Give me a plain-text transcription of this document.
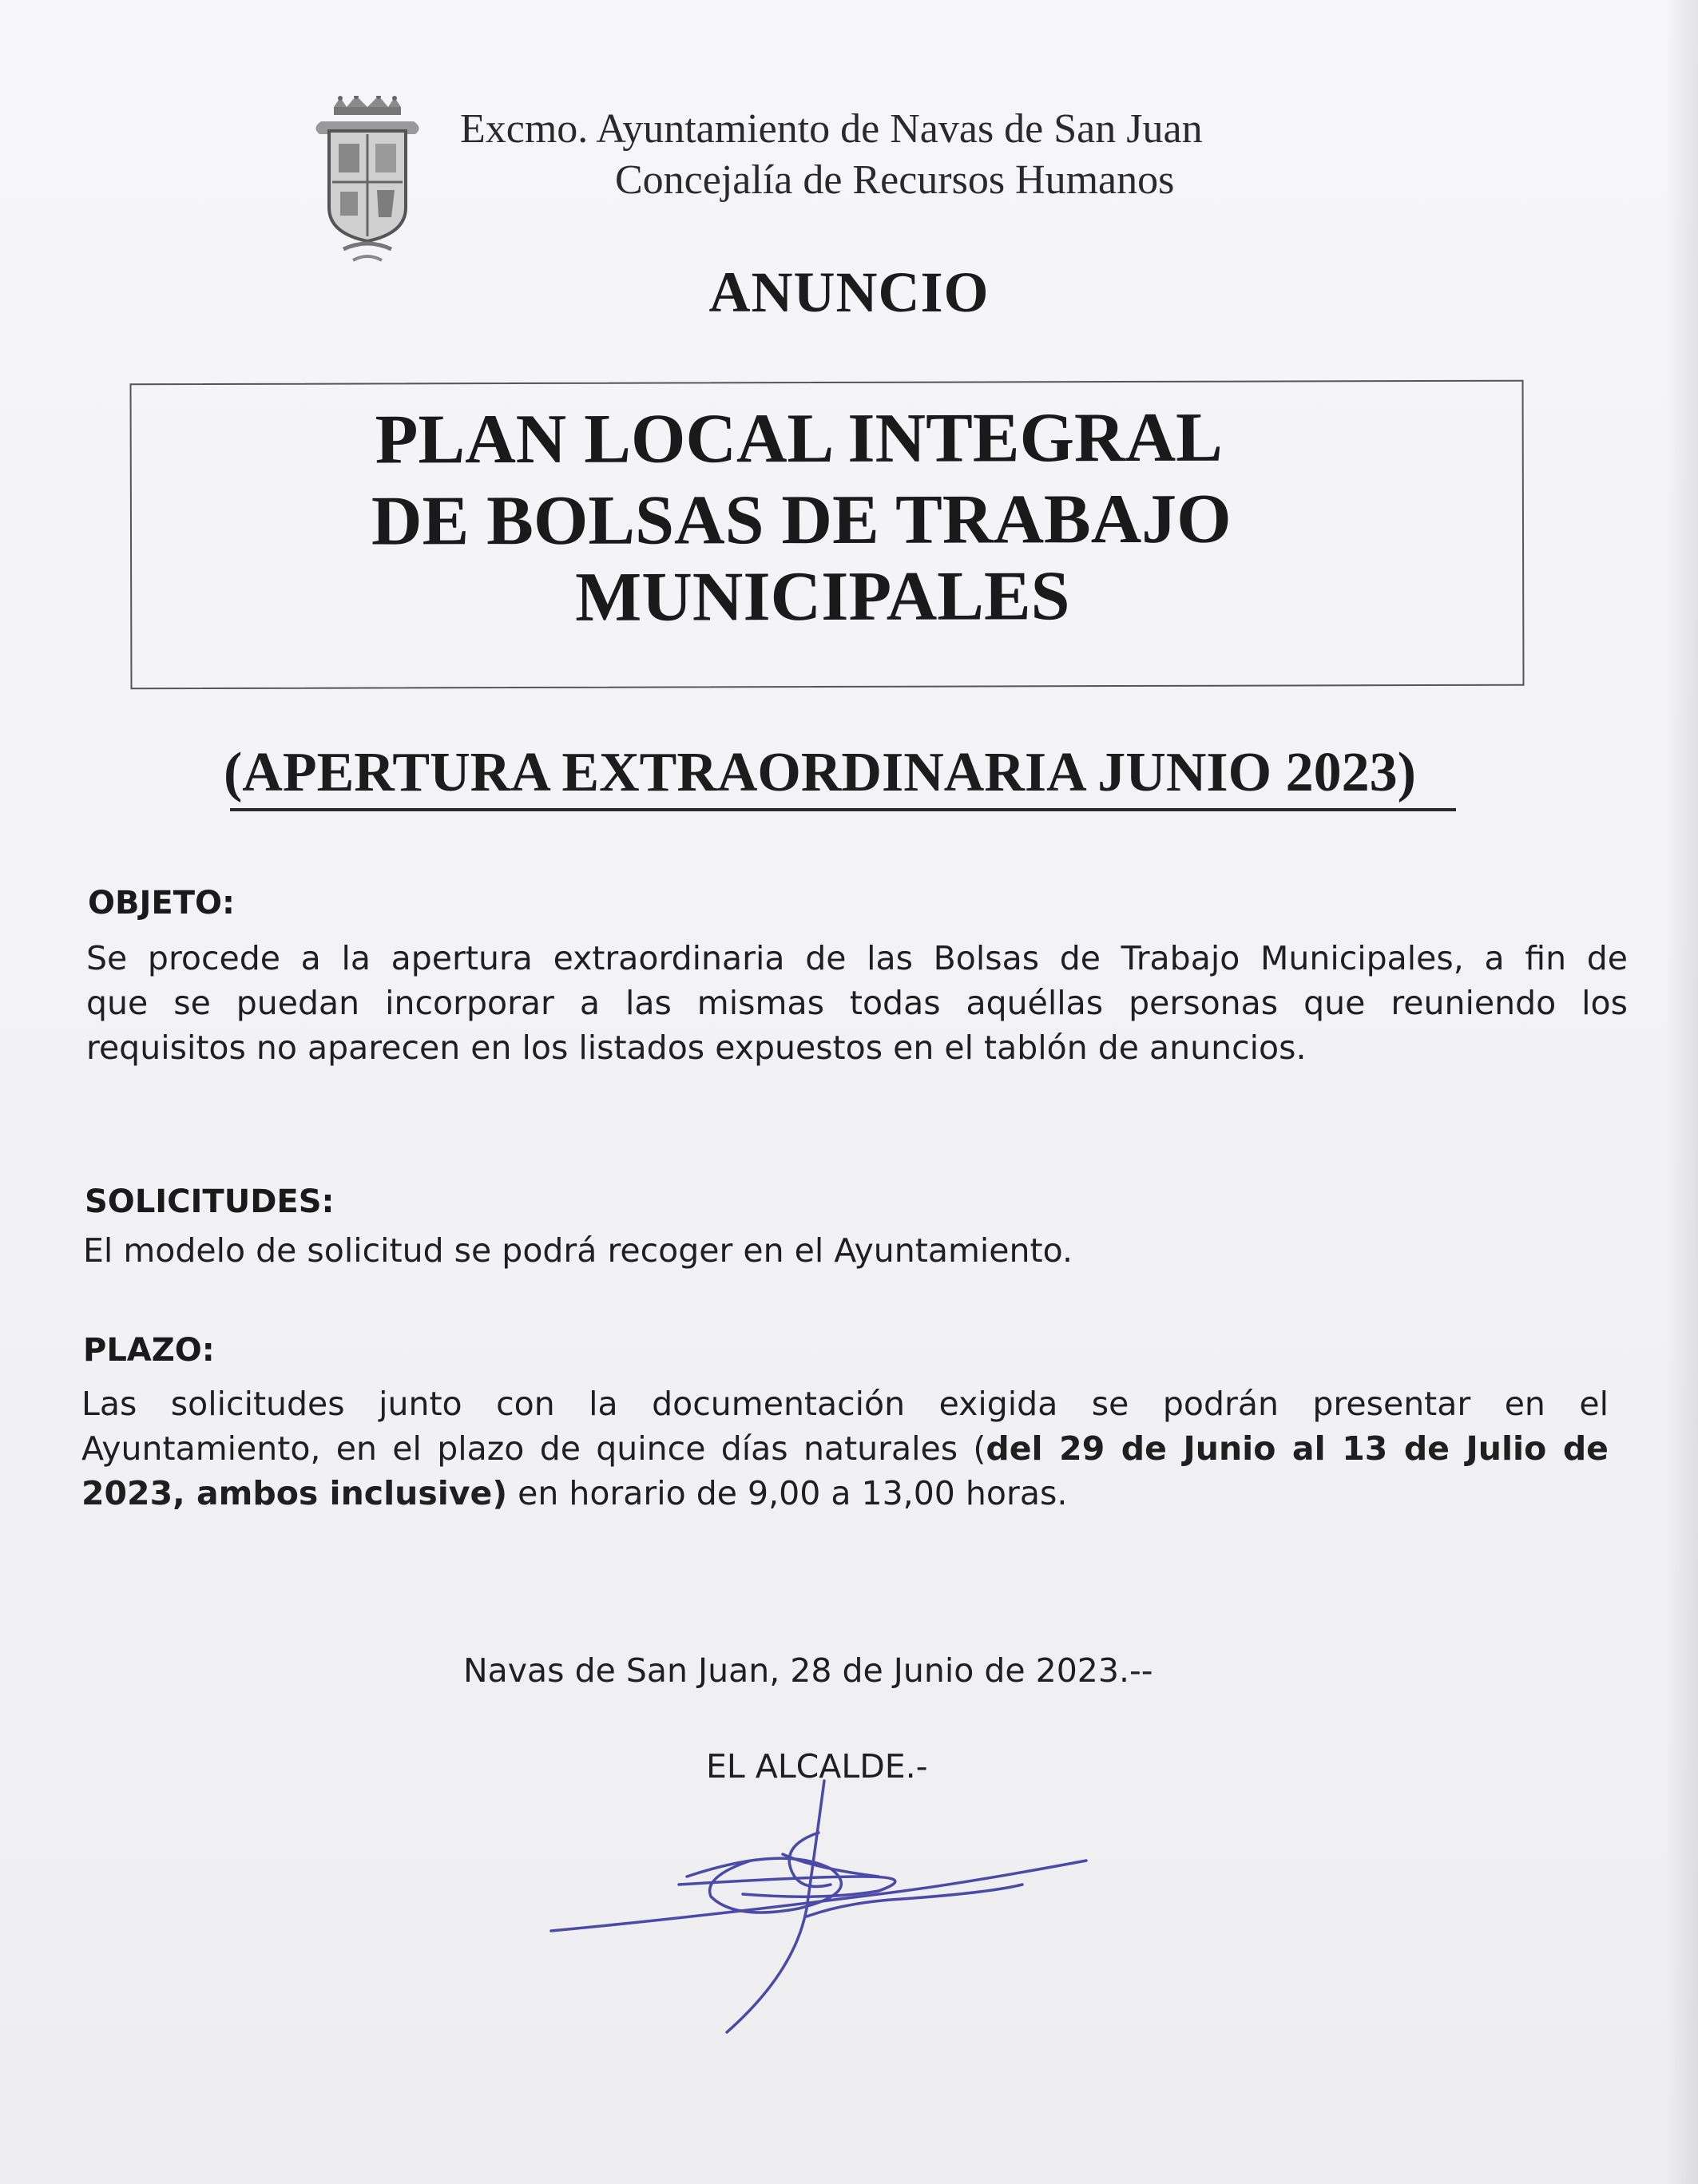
Excmo. Ayuntamiento de Navas de San Juan
Concejalía de Recursos Humanos
ANUNCIO
PLAN LOCAL INTEGRAL
DE BOLSAS DE TRABAJO
MUNICIPALES
(APERTURA EXTRAORDINARIA JUNIO 2023)
OBJETO:
Se procede a la apertura extraordinaria de las Bolsas de Trabajo Municipales, a fin de
que se puedan incorporar a las mismas todas aquéllas personas que reuniendo los
requisitos no aparecen en los listados expuestos en el tablón de anuncios.
SOLICITUDES:
El modelo de solicitud se podrá recoger en el Ayuntamiento.
PLAZO:
Las solicitudes junto con la documentación exigida se podrán presentar en el
Ayuntamiento, en el plazo de quince días naturales (del 29 de Junio al 13 de Julio de
2023, ambos inclusive) en horario de 9,00 a 13,00 horas.
Navas de San Juan, 28 de Junio de 2023.--
EL ALCALDE.-
